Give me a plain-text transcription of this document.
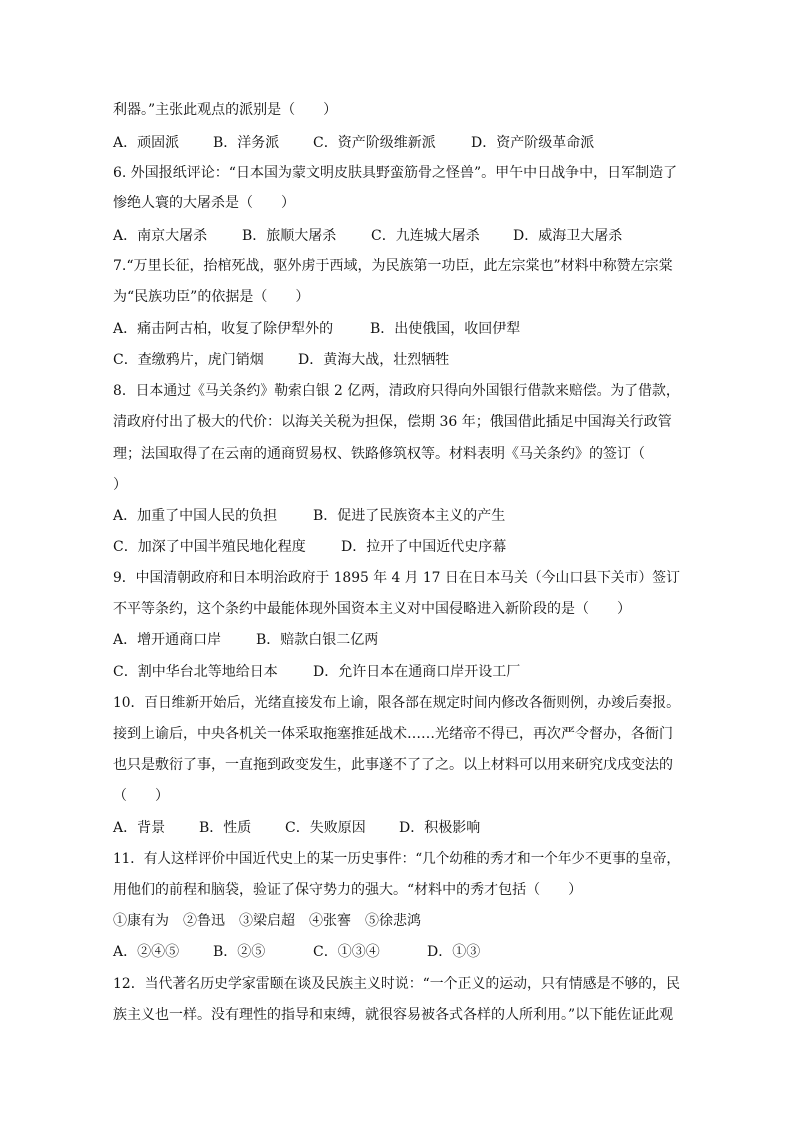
利器。”主张此观点的派别是（　　）
A．顽固派 B．洋务派 C．资产阶级维新派	D．资产阶级革命派
6. 外国报纸评论：“日本国为蒙文明皮肤具野蛮筋骨之怪兽”。甲午中日战争中，日军制造了
惨绝人寰的大屠杀是（　　）
A．南京大屠杀 B．旅顺大屠杀 C．九连城大屠杀 D．威海卫大屠杀
7.“万里长征，抬棺死战，驱外虏于西域，为民族第一功臣，此左宗棠也”材料中称赞左宗棠
为“民族功臣”的依据是（　　）
A．痛击阿古柏，收复了除伊犁外的	B．出使俄国，收回伊犁
C．查缴鸦片，虎门销烟 D．黄海大战，壮烈牺牲
8．日本通过《马关条约》勒索白银 2 亿两，清政府只得向外国银行借款来赔偿。为了借款，
清政府付出了极大的代价：以海关关税为担保，偿期 36 年；俄国借此插足中国海关行政管
理；法国取得了在云南的通商贸易权、铁路修筑权等。材料表明《马关条约》的签订（
）
A．加重了中国人民的负担	B．促进了民族资本主义的产生
C．加深了中国半殖民地化程度	D．拉开了中国近代史序幕
9．中国清朝政府和日本明治政府于 1895 年 4 月 17 日在日本马关（今山口县下关市）签订
不平等条约，这个条约中最能体现外国资本主义对中国侵略进入新阶段的是（　　）
A．增开通商口岸 B．赔款白银二亿两
C．割中华台北等地给日本	D．允许日本在通商口岸开设工厂
10．百日维新开始后，光绪直接发布上谕，限各部在规定时间内修改各衙则例，办竣后奏报。
接到上谕后，中央各机关一体采取拖塞推延战术……光绪帝不得已，再次严令督办，各衙门
也只是敷衍了事，一直拖到政变发生，此事遂不了了之。以上材料可以用来研究戊戌变法的
（　　）
A．背景 B．性质 C．失败原因 D．积极影响
11．有人这样评价中国近代史上的某一历史事件：“几个幼稚的秀才和一个年少不更事的皇帝，
用他们的前程和脑袋，验证了保守势力的强大。“材料中的秀才包括（　　）
①康有为　②鲁迅　③梁启超　④张謇　⑤徐悲鸿
A．②④⑤ B．②⑤	C．①③④	D．①③
12．当代著名历史学家雷颐在谈及民族主义时说：“一个正义的运动，只有情感是不够的，民
族主义也一样。没有理性的指导和束缚，就很容易被各式各样的人所利用。”以下能佐证此观
